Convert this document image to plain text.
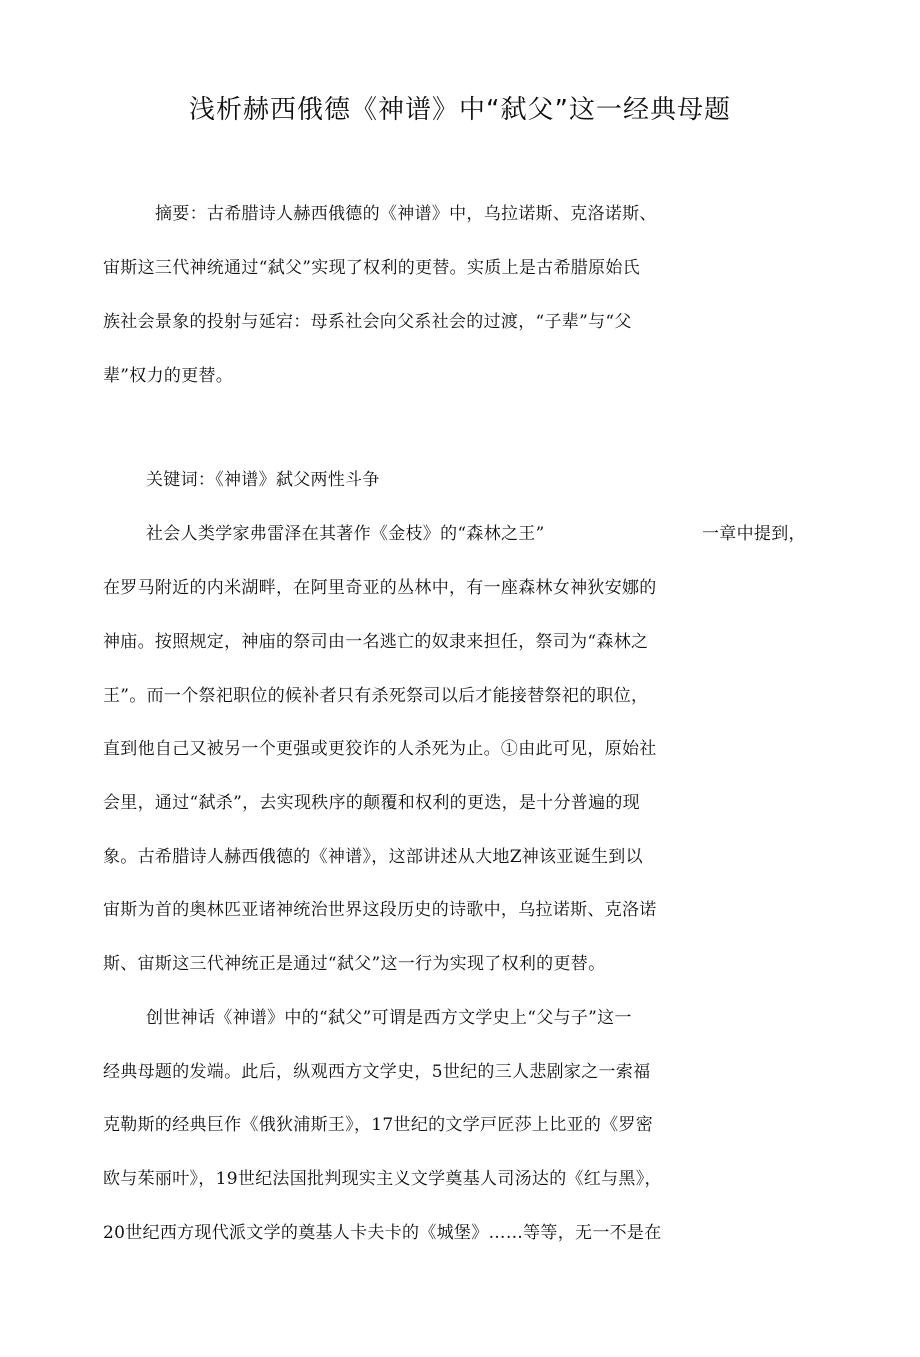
浅析赫西俄德《神谱》中“弑父”这一经典母题

摘要：古希腊诗人赫西俄德的《神谱》中，乌拉诺斯、克洛诺斯、

宙斯这三代神统通过“弑父”实现了权利的更替。实质上是古希腊原始氏

族社会景象的投射与延宕：母系社会向父系社会的过渡，“子辈”与“父

辈”权力的更替。

关键词：《神谱》弑父两性斗争

社会人类学家弗雷泽在其著作《金枝》的“森林之王”	一章中提到，

在罗马附近的内米湖畔，在阿里奇亚的丛林中，有一座森林女神狄安娜的

神庙。按照规定，神庙的祭司由一名逃亡的奴隶来担任，祭司为“森林之

王”。而一个祭祀职位的候补者只有杀死祭司以后才能接替祭祀的职位，

直到他自己又被另一个更强或更狡诈的人杀死为止。①由此可见，原始社

会里，通过“弑杀”，去实现秩序的颠覆和权利的更迭，是十分普遍的现

象。古希腊诗人赫西俄德的《神谱》，这部讲述从大地Z神该亚诞生到以

宙斯为首的奥林匹亚诸神统治世界这段历史的诗歌中，乌拉诺斯、克洛诺

斯、宙斯这三代神统正是通过“弑父”这一行为实现了权利的更替。

创世神话《神谱》中的“弑父”可谓是西方文学史上“父与子”这一

经典母题的发端。此后，纵观西方文学史，5世纪的三人悲剧家之一索福

克勒斯的经典巨作《俄狄浦斯王》，17世纪的文学戸匠莎上比亚的《罗密

欧与茱丽叶》，19世纪法国批判现实主义文学奠基人司汤达的《红与黑》，

20世纪西方现代派文学的奠基人卡夫卡的《城堡》……等等，无一不是在
